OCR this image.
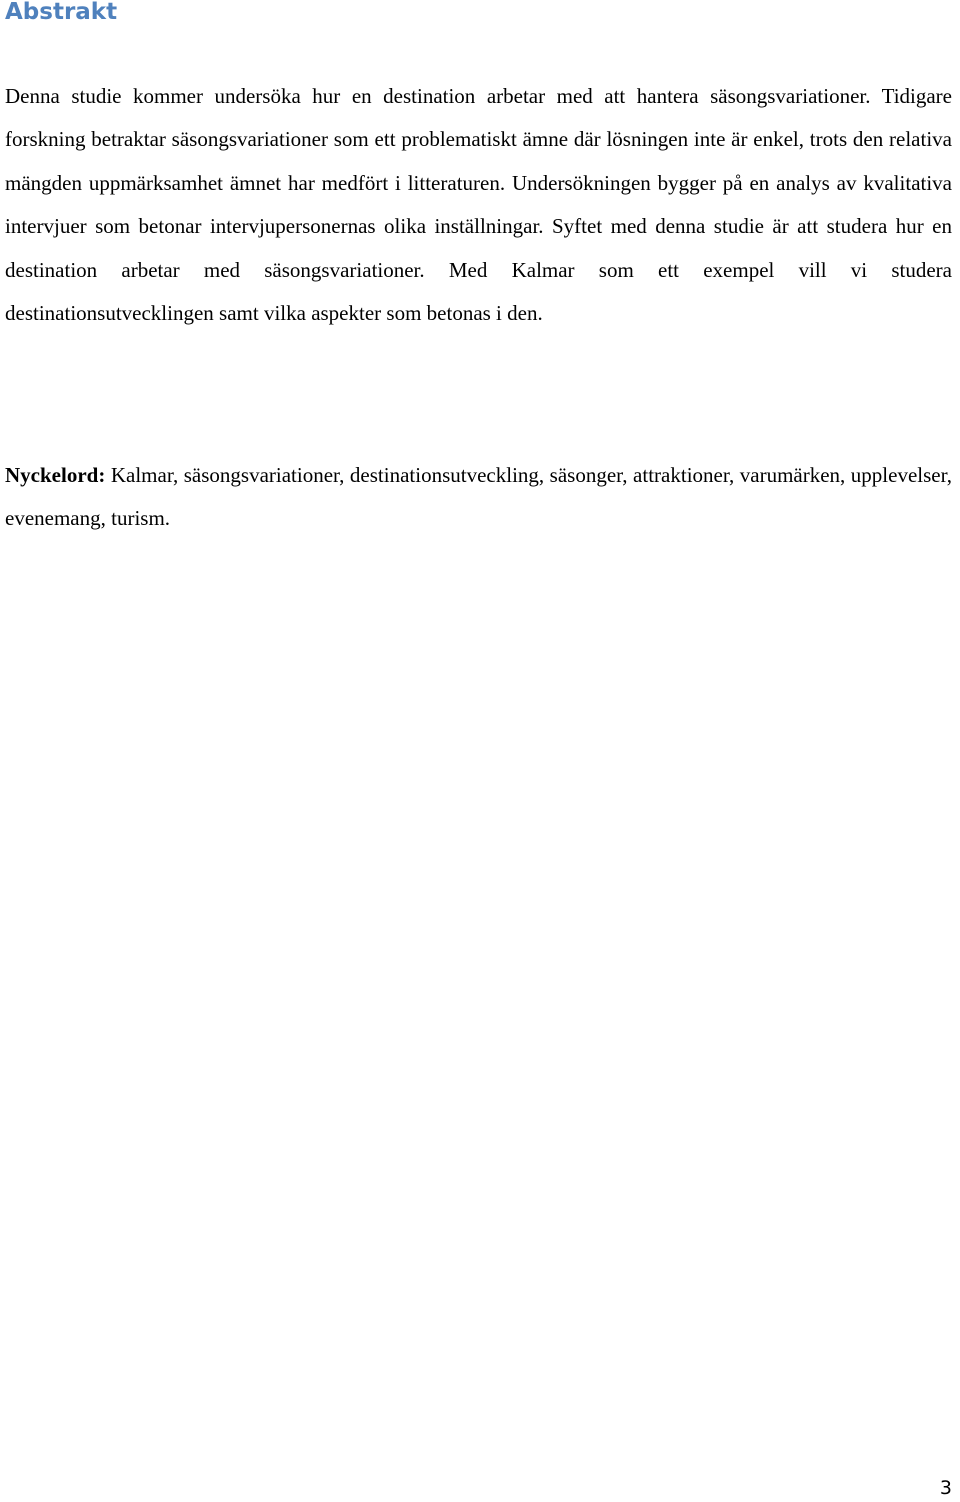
Abstrakt

Denna studie kommer undersöka hur en destination arbetar med att hantera säsongsvariationer. Tidigare forskning betraktar säsongsvariationer som ett problematiskt ämne där lösningen inte är enkel, trots den relativa mängden uppmärksamhet ämnet har medfört i litteraturen. Undersökningen bygger på en analys av kvalitativa intervjuer som betonar intervjupersonernas olika inställningar. Syftet med denna studie är att studera hur en destination arbetar med säsongsvariationer. Med Kalmar som ett exempel vill vi studera destinationsutvecklingen samt vilka aspekter som betonas i den.

Nyckelord: Kalmar, säsongsvariationer, destinationsutveckling, säsonger, attraktioner, varumärken, upplevelser, evenemang, turism.

3
